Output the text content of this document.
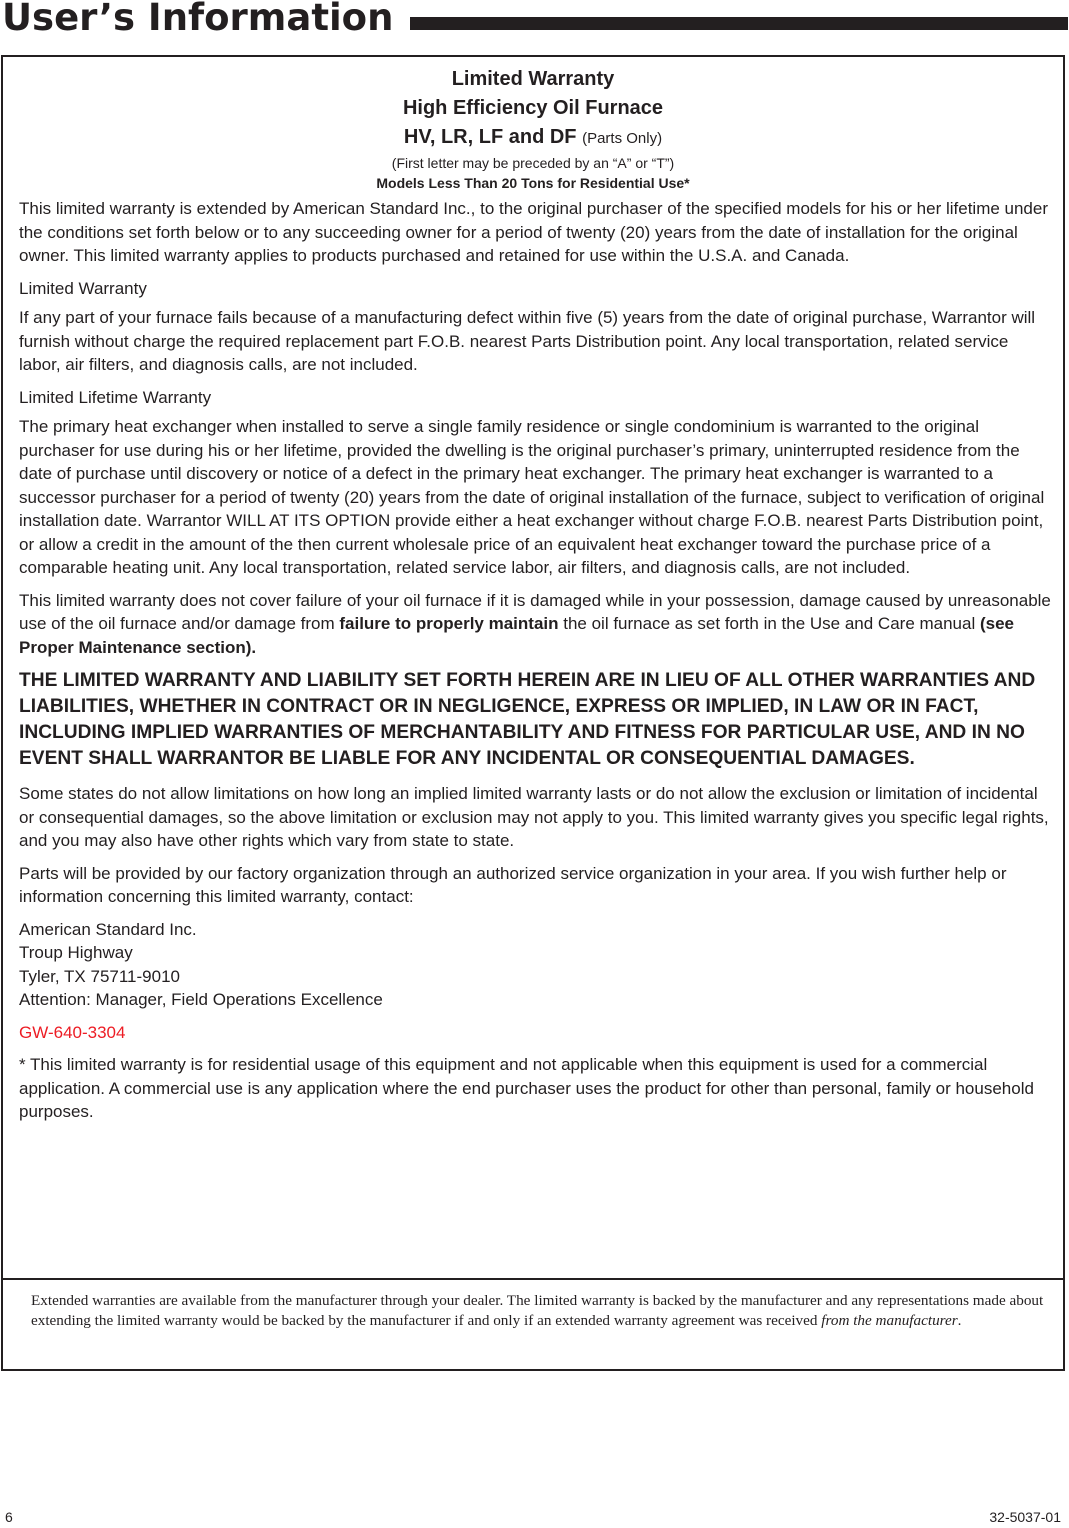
User’s Information
Limited Warranty
High Efficiency Oil Furnace
HV, LR, LF and DF (Parts Only)
(First letter may be preceded by an “A” or “T”)
Models Less Than 20 Tons for Residential Use*

This limited warranty is extended by American Standard Inc., to the original purchaser of the specified models for his or her lifetime under the conditions set forth below or to any succeeding owner for a period of twenty (20) years from the date of installation for the original owner. This limited warranty applies to products purchased and retained for use within the U.S.A. and Canada.

Limited Warranty

If any part of your furnace fails because of a manufacturing defect within five (5) years from the date of original purchase, Warrantor will furnish without charge the required replacement part F.O.B. nearest Parts Distribution point. Any local transportation, related service labor, air filters, and diagnosis calls, are not included.

Limited Lifetime Warranty

The primary heat exchanger when installed to serve a single family residence or single condominium is warranted to the original purchaser for use during his or her lifetime, provided the dwelling is the original purchaser’s primary, uninterrupted residence from the date of purchase until discovery or notice of a defect in the primary heat exchanger. The primary heat exchanger is warranted to a successor purchaser for a period of twenty (20) years from the date of original installation of the furnace, subject to verification of original installation date. Warrantor WILL AT ITS OPTION provide either a heat exchanger without charge F.O.B. nearest Parts Distribution point, or allow a credit in the amount of the then current wholesale price of an equivalent heat exchanger toward the purchase price of a comparable heating unit. Any local transportation, related service labor, air filters, and diagnosis calls, are not included.

This limited warranty does not cover failure of your oil furnace if it is damaged while in your possession, damage caused by unreasonable use of the oil furnace and/or damage from failure to properly maintain the oil furnace as set forth in the Use and Care manual (see Proper Maintenance section).

THE LIMITED WARRANTY AND LIABILITY SET FORTH HEREIN ARE IN LIEU OF ALL OTHER WARRANTIES AND LIABILITIES, WHETHER IN CONTRACT OR IN NEGLIGENCE, EXPRESS OR IMPLIED, IN LAW OR IN FACT, INCLUDING IMPLIED WARRANTIES OF MERCHANTABILITY AND FITNESS FOR PARTICULAR USE, AND IN NO EVENT SHALL WARRANTOR BE LIABLE FOR ANY INCIDENTAL OR CONSEQUENTIAL DAMAGES.

Some states do not allow limitations on how long an implied limited warranty lasts or do not allow the exclusion or limitation of incidental or consequential damages, so the above limitation or exclusion may not apply to you. This limited warranty gives you specific legal rights, and you may also have other rights which vary from state to state.

Parts will be provided by our factory organization through an authorized service organization in your area. If you wish further help or information concerning this limited warranty, contact:

American Standard Inc.
Troup Highway
Tyler, TX 75711-9010
Attention: Manager, Field Operations Excellence

GW-640-3304

* This limited warranty is for residential usage of this equipment and not applicable when this equipment is used for a commercial application. A commercial use is any application where the end purchaser uses the product for other than personal, family or household purposes.

Extended warranties are available from the manufacturer through your dealer. The limited warranty is backed by the manufacturer and any representations made about extending the limited warranty would be backed by the manufacturer if and only if an extended warranty agreement was received from the manufacturer.
6	32-5037-01
